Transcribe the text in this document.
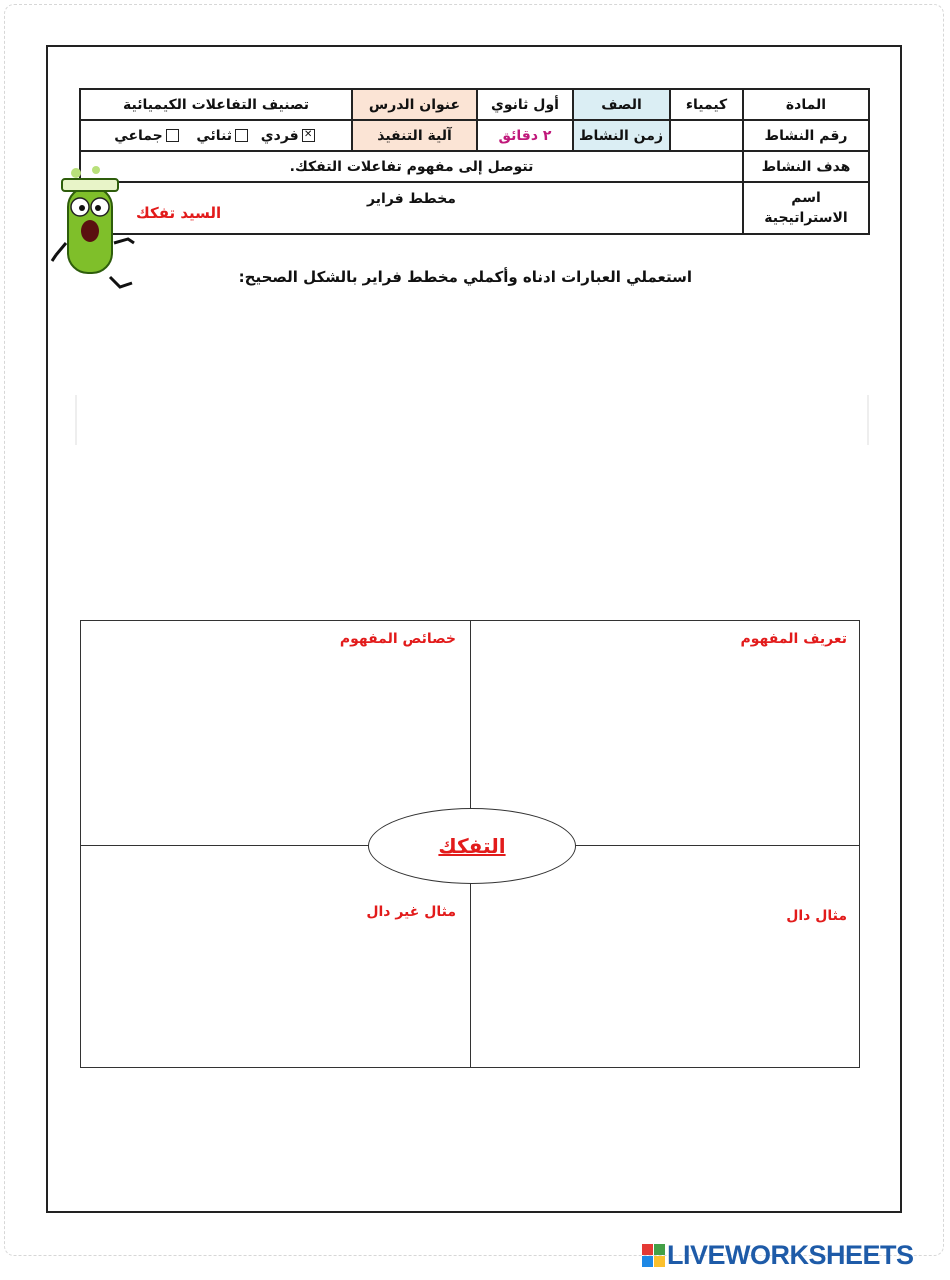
المادة	كيمياء	الصف	أول ثانوي	عنوان الدرس	تصنيف التفاعلات الكيميائية
رقم النشاط		زمن النشاط	٢ دقائق	آلية التنفيذ	✕فردي  ثنائي   جماعي
هدف النشاط	تتوصل إلى مفهوم تفاعلات التفكك.				
اسم الاستراتيجية	مخطط فراير				
السيد تفكك
استعملي العبارات ادناه وأكملي مخطط فراير بالشكل الصحيح:
تعريف المفهوم
خصائص المفهوم
مثال دال
مثال غير دال
التفكك
LIVEWORKSHEETS
